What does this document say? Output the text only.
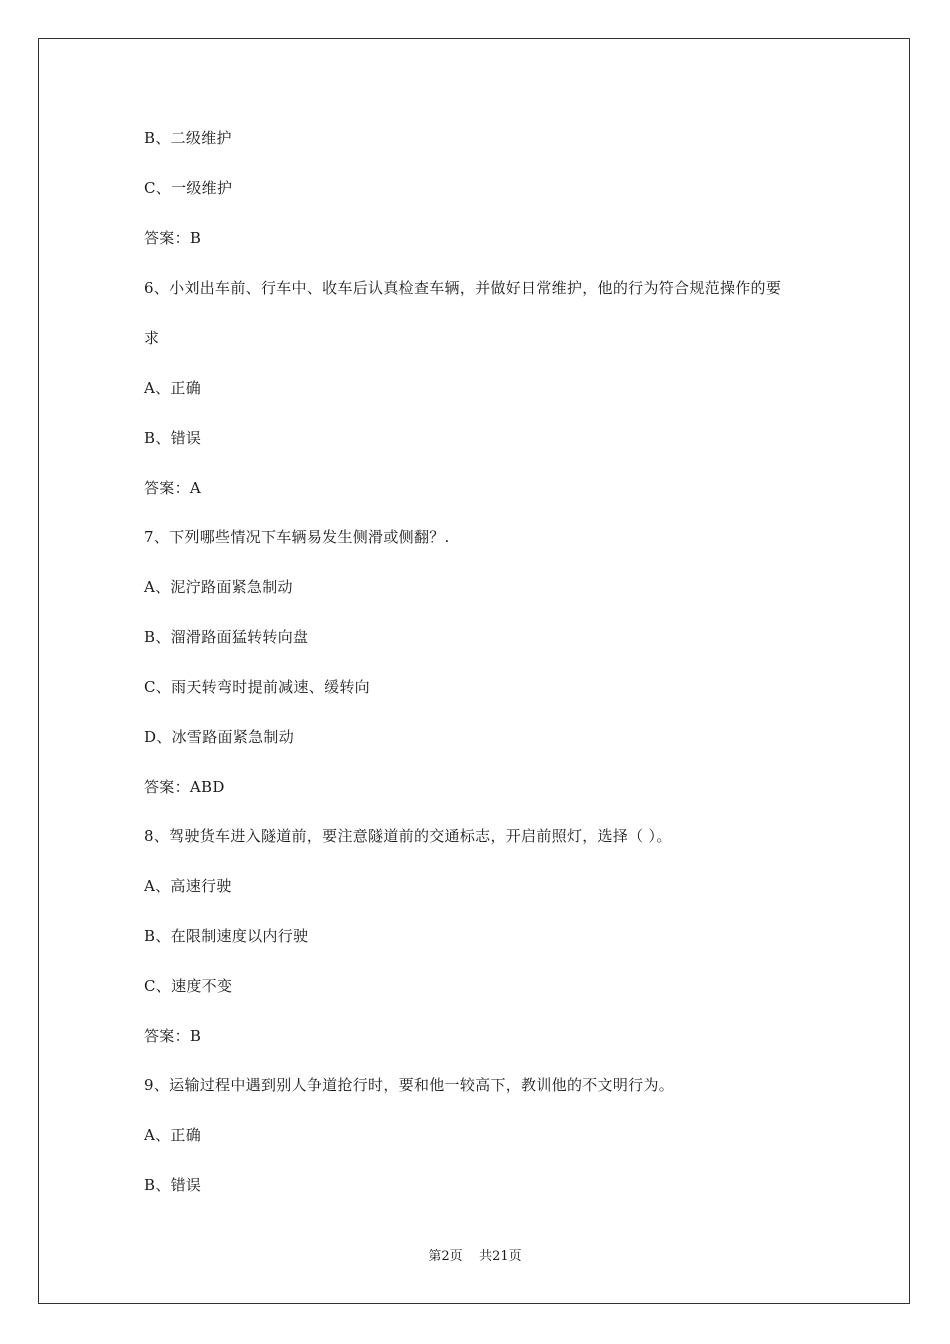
B、二级维护
C、一级维护
答案：B
6、小刘出车前、行车中、收车后认真检查车辆，并做好日常维护，他的行为符合规范操作的要
求
A、正确
B、错误
答案：A
7、下列哪些情况下车辆易发生侧滑或侧翻？.
A、泥泞路面紧急制动
B、溜滑路面猛转转向盘
C、雨天转弯时提前减速、缓转向
D、冰雪路面紧急制动
答案：ABD
8、驾驶货车进入隧道前，要注意隧道前的交通标志，开启前照灯，选择（ ）。
A、高速行驶
B、在限制速度以内行驶
C、速度不变
答案：B
9、运输过程中遇到别人争道抢行时，要和他一较高下，教训他的不文明行为。
A、正确
B、错误
第2页    共21页
